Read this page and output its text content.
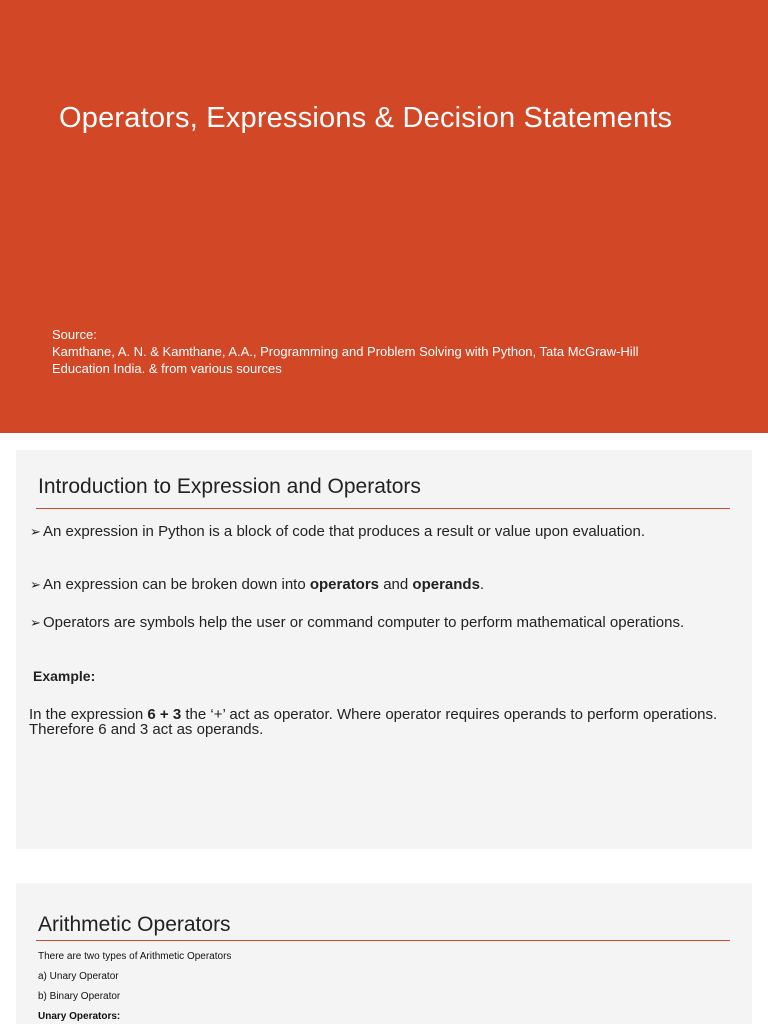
Operators, Expressions & Decision Statements
Source:
Kamthane, A. N. & Kamthane, A.A., Programming and Problem Solving with Python, Tata McGraw-Hill
Education India. & from various sources
Introduction to Expression and Operators
➢ An expression in Python is a block of code that produces a result or value upon evaluation.
➢ An expression can be broken down into operators and operands.
➢ Operators are symbols help the user or command computer to perform mathematical operations.
Example:
In the expression 6 + 3 the ‘+’ act as operator. Where operator requires operands to perform operations. Therefore 6 and 3 act as operands.
Arithmetic Operators
There are two types of Arithmetic Operators
a) Unary Operator
b) Binary Operator
Unary Operators:
